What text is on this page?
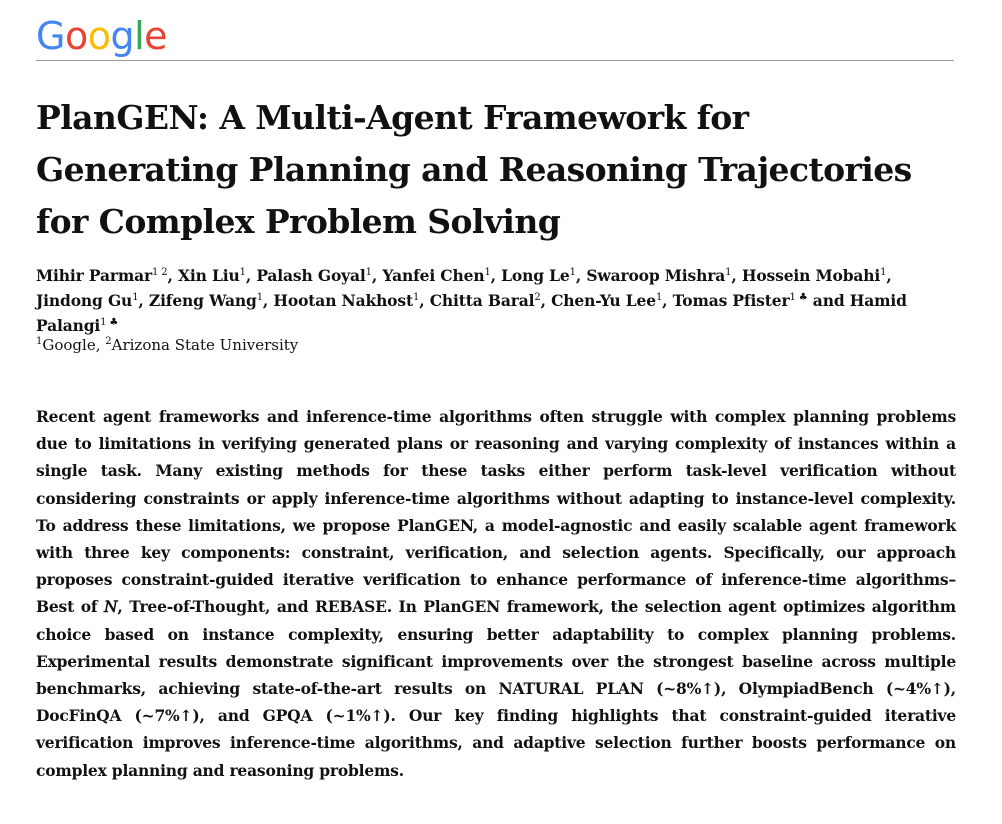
Google
PlanGEN: A Multi-Agent Framework for
Generating Planning and Reasoning Trajectories
for Complex Problem Solving
Mihir Parmar$^{1 2}$, Xin Liu$^1$, Palash Goyal$^1$, Yanfei Chen$^1$, Long Le$^1$, Swaroop Mishra$^1$, Hossein Mobahi$^1$, Jindong Gu$^1$, Zifeng Wang$^1$, Hootan Nakhost$^1$, Chitta Baral$^2$, Chen-Yu Lee$^1$, Tomas Pfister$^{1 ♣}$ and Hamid Palangi$^{1 ♣}$
$^1$Google, $^2$Arizona State University

Recent agent frameworks and inference-time algorithms often struggle with complex planning problems due to limitations in verifying generated plans or reasoning and varying complexity of instances within a single task. Many existing methods for these tasks either perform task-level verification without considering constraints or apply inference-time algorithms without adapting to instance-level complexity. To address these limitations, we propose PlanGEN, a model-agnostic and easily scalable agent framework with three key components: constraint, verification, and selection agents. Specifically, our approach proposes constraint-guided iterative verification to enhance performance of inference-time algorithms–Best of 𝑁, Tree-of-Thought, and REBASE. In PlanGEN framework, the selection agent optimizes algorithm choice based on instance complexity, ensuring better adaptability to complex planning problems. Experimental results demonstrate significant improvements over the strongest baseline across multiple benchmarks, achieving state-of-the-art results on NATURAL PLAN (~8%↑), OlympiadBench (~4%↑), DocFinQA (~7%↑), and GPQA (~1%↑). Our key finding highlights that constraint-guided iterative verification improves inference-time algorithms, and adaptive selection further boosts performance on complex planning and reasoning problems.
